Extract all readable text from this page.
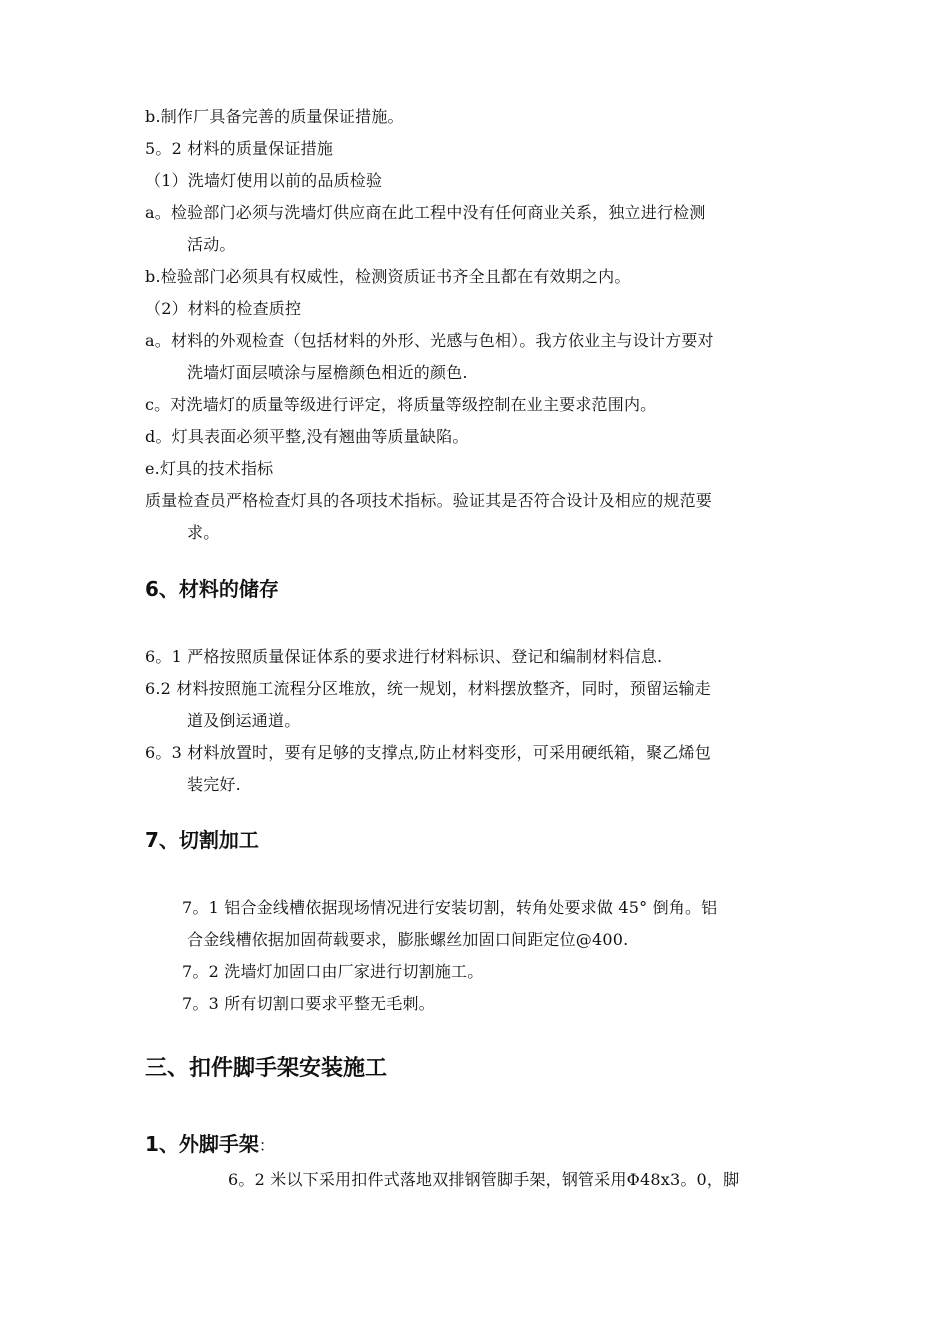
b.制作厂具备完善的质量保证措施。
5。2 材料的质量保证措施
（1）洗墙灯使用以前的品质检验
a。检验部门必须与洗墙灯供应商在此工程中没有任何商业关系，独立进行检测
活动。
b.检验部门必须具有权威性，检测资质证书齐全且都在有效期之内。
（2）材料的检查质控
a。材料的外观检查（包括材料的外形、光感与色相）。我方依业主与设计方要对
洗墙灯面层喷涂与屋檐颜色相近的颜色.
c。对洗墙灯的质量等级进行评定，将质量等级控制在业主要求范围内。
d。灯具表面必须平整,没有翘曲等质量缺陷。
e.灯具的技术指标
质量检查员严格检查灯具的各项技术指标。验证其是否符合设计及相应的规范要
求。
6、材料的储存
6。1 严格按照质量保证体系的要求进行材料标识、登记和编制材料信息.
6.2 材料按照施工流程分区堆放，统一规划，材料摆放整齐，同时，预留运输走
道及倒运通道。
6。3 材料放置时，要有足够的支撑点,防止材料变形，可采用硬纸箱，聚乙烯包
装完好.
7、切割加工
7。1 铝合金线槽依据现场情况进行安装切割，转角处要求做 45° 倒角。铝
合金线槽依据加固荷载要求，膨胀螺丝加固口间距定位@400.
7。2 洗墙灯加固口由厂家进行切割施工。
7。3 所有切割口要求平整无毛刺。
三、扣件脚手架安装施工
1、外脚手架：
6。2 米以下采用扣件式落地双排钢管脚手架，钢管采用Φ48x3。0，脚
